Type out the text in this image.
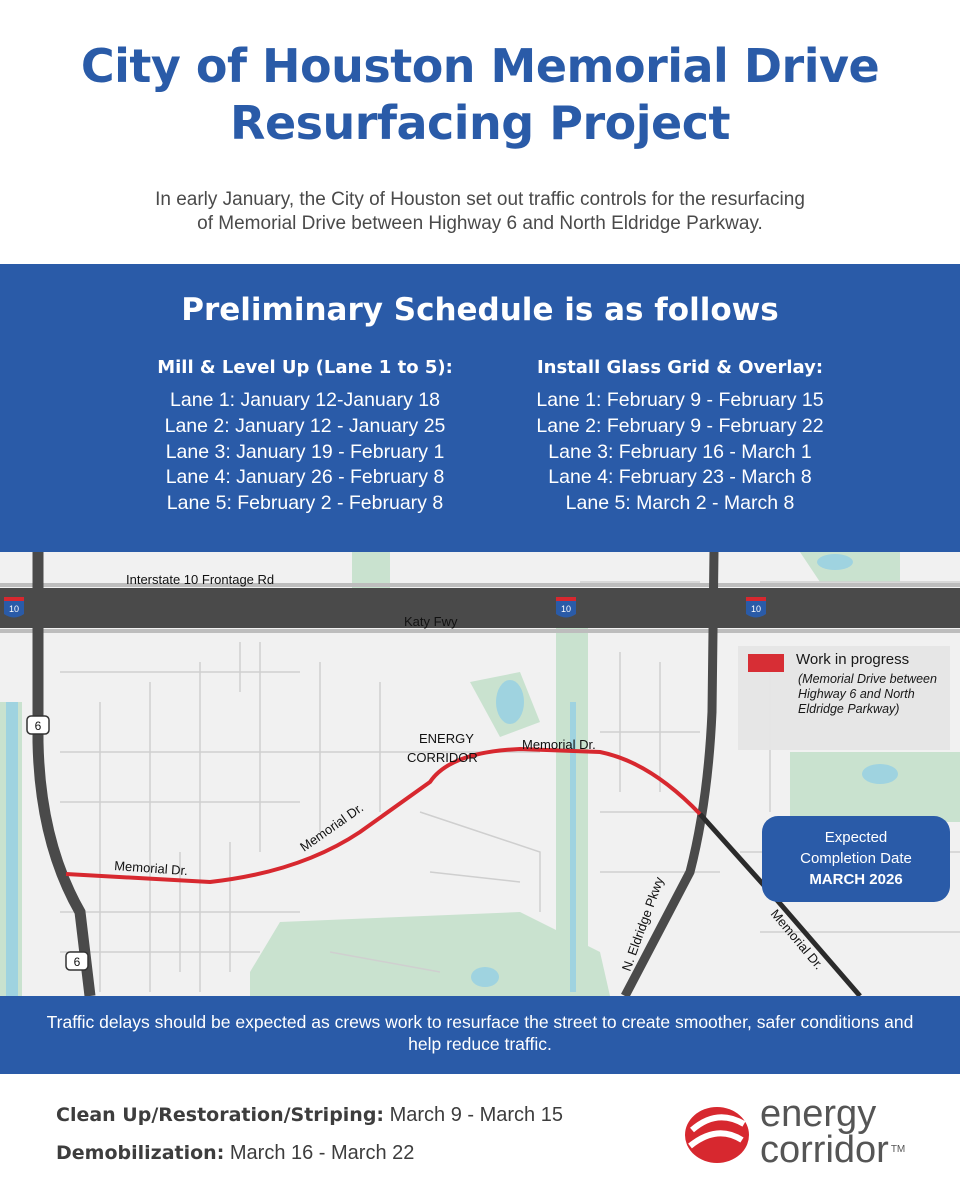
City of Houston Memorial Drive
Resurfacing Project
In early January, the City of Houston set out traffic controls for the resurfacing
of Memorial Drive between Highway 6 and North Eldridge Parkway.
Preliminary Schedule is as follows
Mill & Level Up (Lane 1 to 5):
Lane 1: January 12-January 18
Lane 2: January 12 - January 25
Lane 3: January 19 - February 1
Lane 4: January 26 - February 8
Lane 5: February 2 - February 8
Install Glass Grid & Overlay:
Lane 1: February 9 - February 15
Lane 2: February 9 - February 22
Lane 3: February 16 - March 1
Lane 4: February 23 - March 8
Lane 5: March 2 - March 8
10	10	10
6
6
Interstate 10 Frontage Rd
Katy Fwy
ENERGY
CORRIDOR
Memorial Dr.
Memorial Dr.
Memorial Dr.
Memorial Dr.
N. Eldridge Pkwy
Work in progress
(Memorial Drive between Highway 6 and North Eldridge Parkway)
Expected
Completion Date
MARCH 2026
Traffic delays should be expected as crews work to resurface the street to create smoother, safer conditions and help reduce traffic.
Clean Up/Restoration/Striping: March 9 - March 15
Demobilization: March 16 - March 22
energy
corridor ™
